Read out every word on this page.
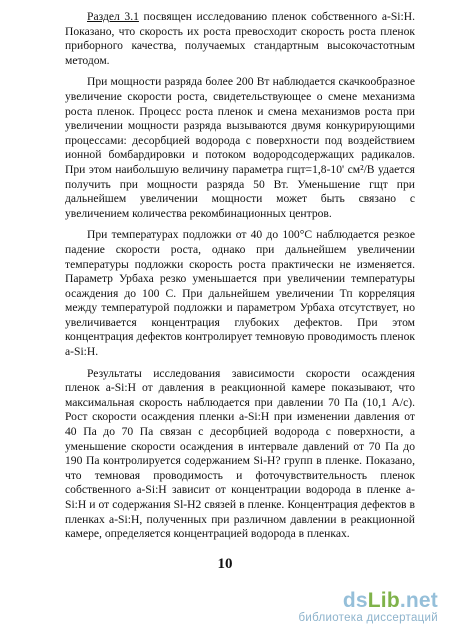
Раздел 3.1 посвящен исследованию пленок собственного a-Si:H. Показано, что скорость их роста превосходит скорость роста пленок приборного качества, получаемых стандартным высокочастотным методом.

При мощности разряда более 200 Вт наблюдается скачкообразное увеличение скорости роста, свидетельствующее о смене механизма роста пленок. Процесс роста пленок и смена механизмов роста при увеличении мощности разряда вызываются двумя конкурирующими процессами: десорбцией водорода с поверхности под воздействием ионной бомбардировки и потоком водородсодержащих радикалов. При этом наибольшую величину параметра гщт=1,8-10' см²/В удается получить при мощности разряда 50 Вт. Уменьшение гщт при дальнейшем увеличении мощности может быть связано с увеличением количества рекомбинационных центров.

При температурах подложки от 40 до 100°С наблюдается резкое падение скорости роста, однако при дальнейшем увеличении температуры подложки скорость роста практически не изменяется. Параметр Урбаха резко уменьшается при увеличении температуры осаждения до 100 С. При дальнейшем увеличении Тп корреляция между температурой подложки и параметром Урбаха отсутствует, но увеличивается концентрация глубоких дефектов. При этом концентрация дефектов контролирует темновую проводимость пленок a-Si:H.

Результаты исследования зависимости скорости осаждения пленок a-Si:H от давления в реакционной камере показывают, что максимальная скорость наблюдается при давлении 70 Па (10,1 А/с). Рост скорости осаждения пленки a-Si:H при изменении давления от 40 Па до 70 Па связан с десорбцией водорода с поверхности, а уменьшение скорости осаждения в интервале давлений от 70 Па до 190 Па контролируется содержанием Si-H? групп в пленке. Показано, что темновая проводимость и фоточувствительность пленок собственного a-Si:H зависит от концентрации водорода в пленке a-Si:H и от содержания Sl-H2 связей в пленке. Концентрация дефектов в пленках a-Si:H, полученных при различном давлении в реакционной камере, определяется концентрацией водорода в пленках.

10
dsLib.net
библиотека диссертаций
